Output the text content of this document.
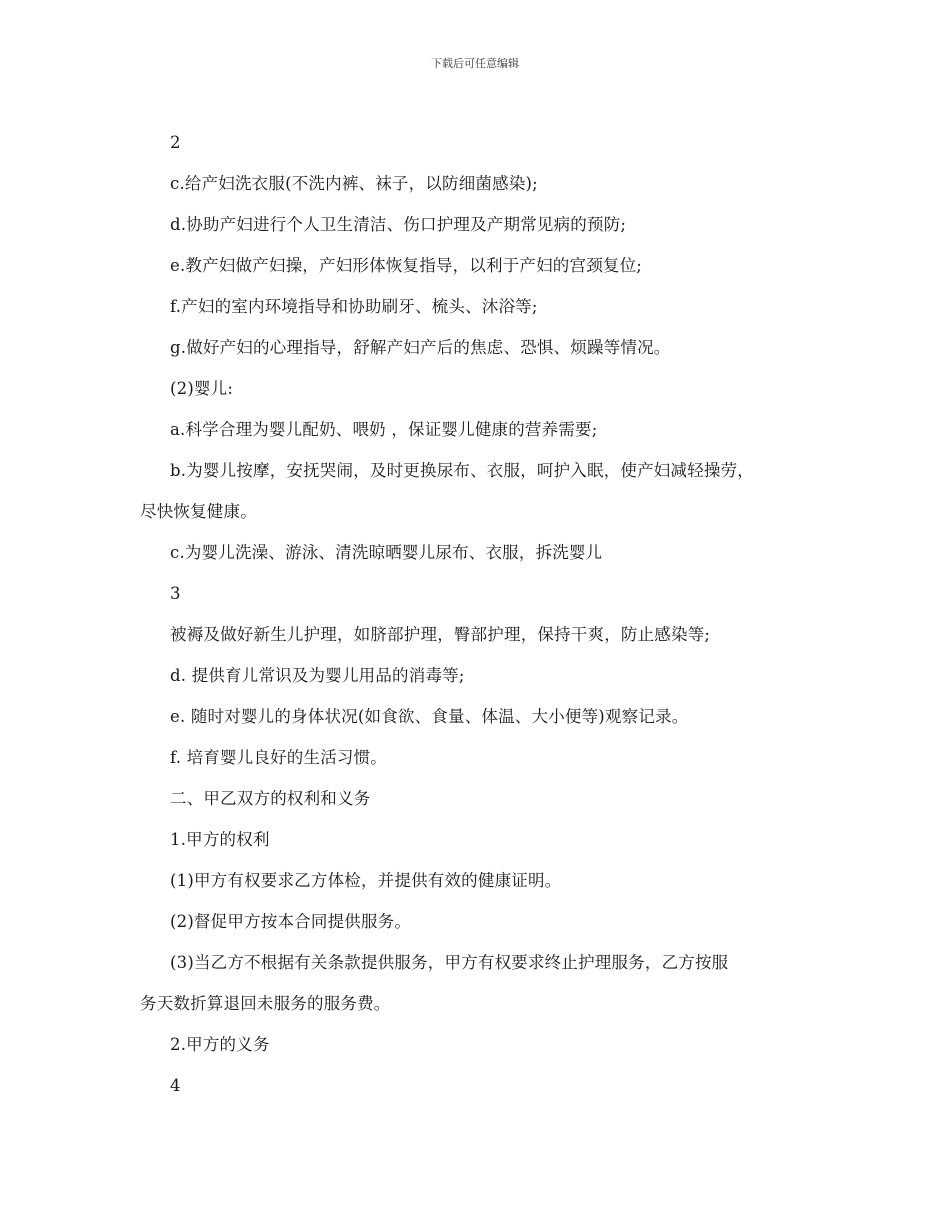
下载后可任意编辑
2
c.给产妇洗衣服(不洗内裤、袜子，以防细菌感染);
d.协助产妇进行个人卫生清洁、伤口护理及产期常见病的预防;
e.教产妇做产妇操，产妇形体恢复指导，以利于产妇的宫颈复位;
f.产妇的室内环境指导和协助刷牙、梳头、沐浴等;
g.做好产妇的心理指导，舒解产妇产后的焦虑、恐惧、烦躁等情况。
(2)婴儿:
a.科学合理为婴儿配奶、喂奶 ，保证婴儿健康的营养需要;
b.为婴儿按摩，安抚哭闹，及时更换尿布、衣服，呵护入眠，使产妇减轻操劳，
尽快恢复健康。
c.为婴儿洗澡、游泳、清洗晾晒婴儿尿布、衣服，拆洗婴儿
3
被褥及做好新生儿护理，如脐部护理，臀部护理，保持干爽，防止感染等;
d. 提供育儿常识及为婴儿用品的消毒等;
e. 随时对婴儿的身体状况(如食欲、食量、体温、大小便等)观察记录。
f. 培育婴儿良好的生活习惯。
二、甲乙双方的权利和义务
1.甲方的权利
(1)甲方有权要求乙方体检，并提供有效的健康证明。
(2)督促甲方按本合同提供服务。
(3)当乙方不根据有关条款提供服务，甲方有权要求终止护理服务，乙方按服
务天数折算退回未服务的服务费。
2.甲方的义务
4
